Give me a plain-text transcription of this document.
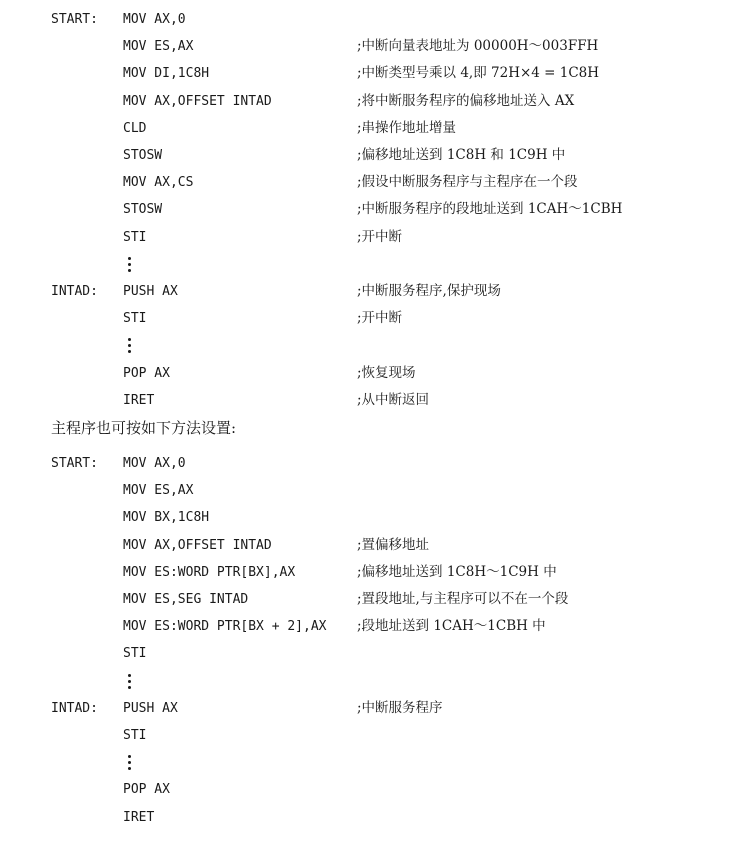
START: MOV AX,0
MOV ES,AX	;中断向量表地址为 00000H～003FFH
MOV DI,1C8H	;中断类型号乘以 4,即 72H×4 = 1C8H
MOV AX,OFFSET INTAD	;将中断服务程序的偏移地址送入 AX
CLD	;串操作地址增量
STOSW	;偏移地址送到 1C8H 和 1C9H 中
MOV AX,CS	;假设中断服务程序与主程序在一个段
STOSW	;中断服务程序的段地址送到 1CAH～1CBH
STI	;开中断
INTAD: PUSH AX	;中断服务程序,保护现场
STI	;开中断
POP AX	;恢复现场
IRET	;从中断返回
主程序也可按如下方法设置:
START: MOV AX,0
MOV ES,AX
MOV BX,1C8H
MOV AX,OFFSET INTAD	;置偏移地址
MOV ES:WORD PTR[BX],AX	;偏移地址送到 1C8H～1C9H 中
MOV ES,SEG INTAD	;置段地址,与主程序可以不在一个段
MOV ES:WORD PTR[BX + 2],AX ;段地址送到 1CAH～1CBH 中
STI
INTAD: PUSH AX	;中断服务程序
STI
POP AX
IRET
